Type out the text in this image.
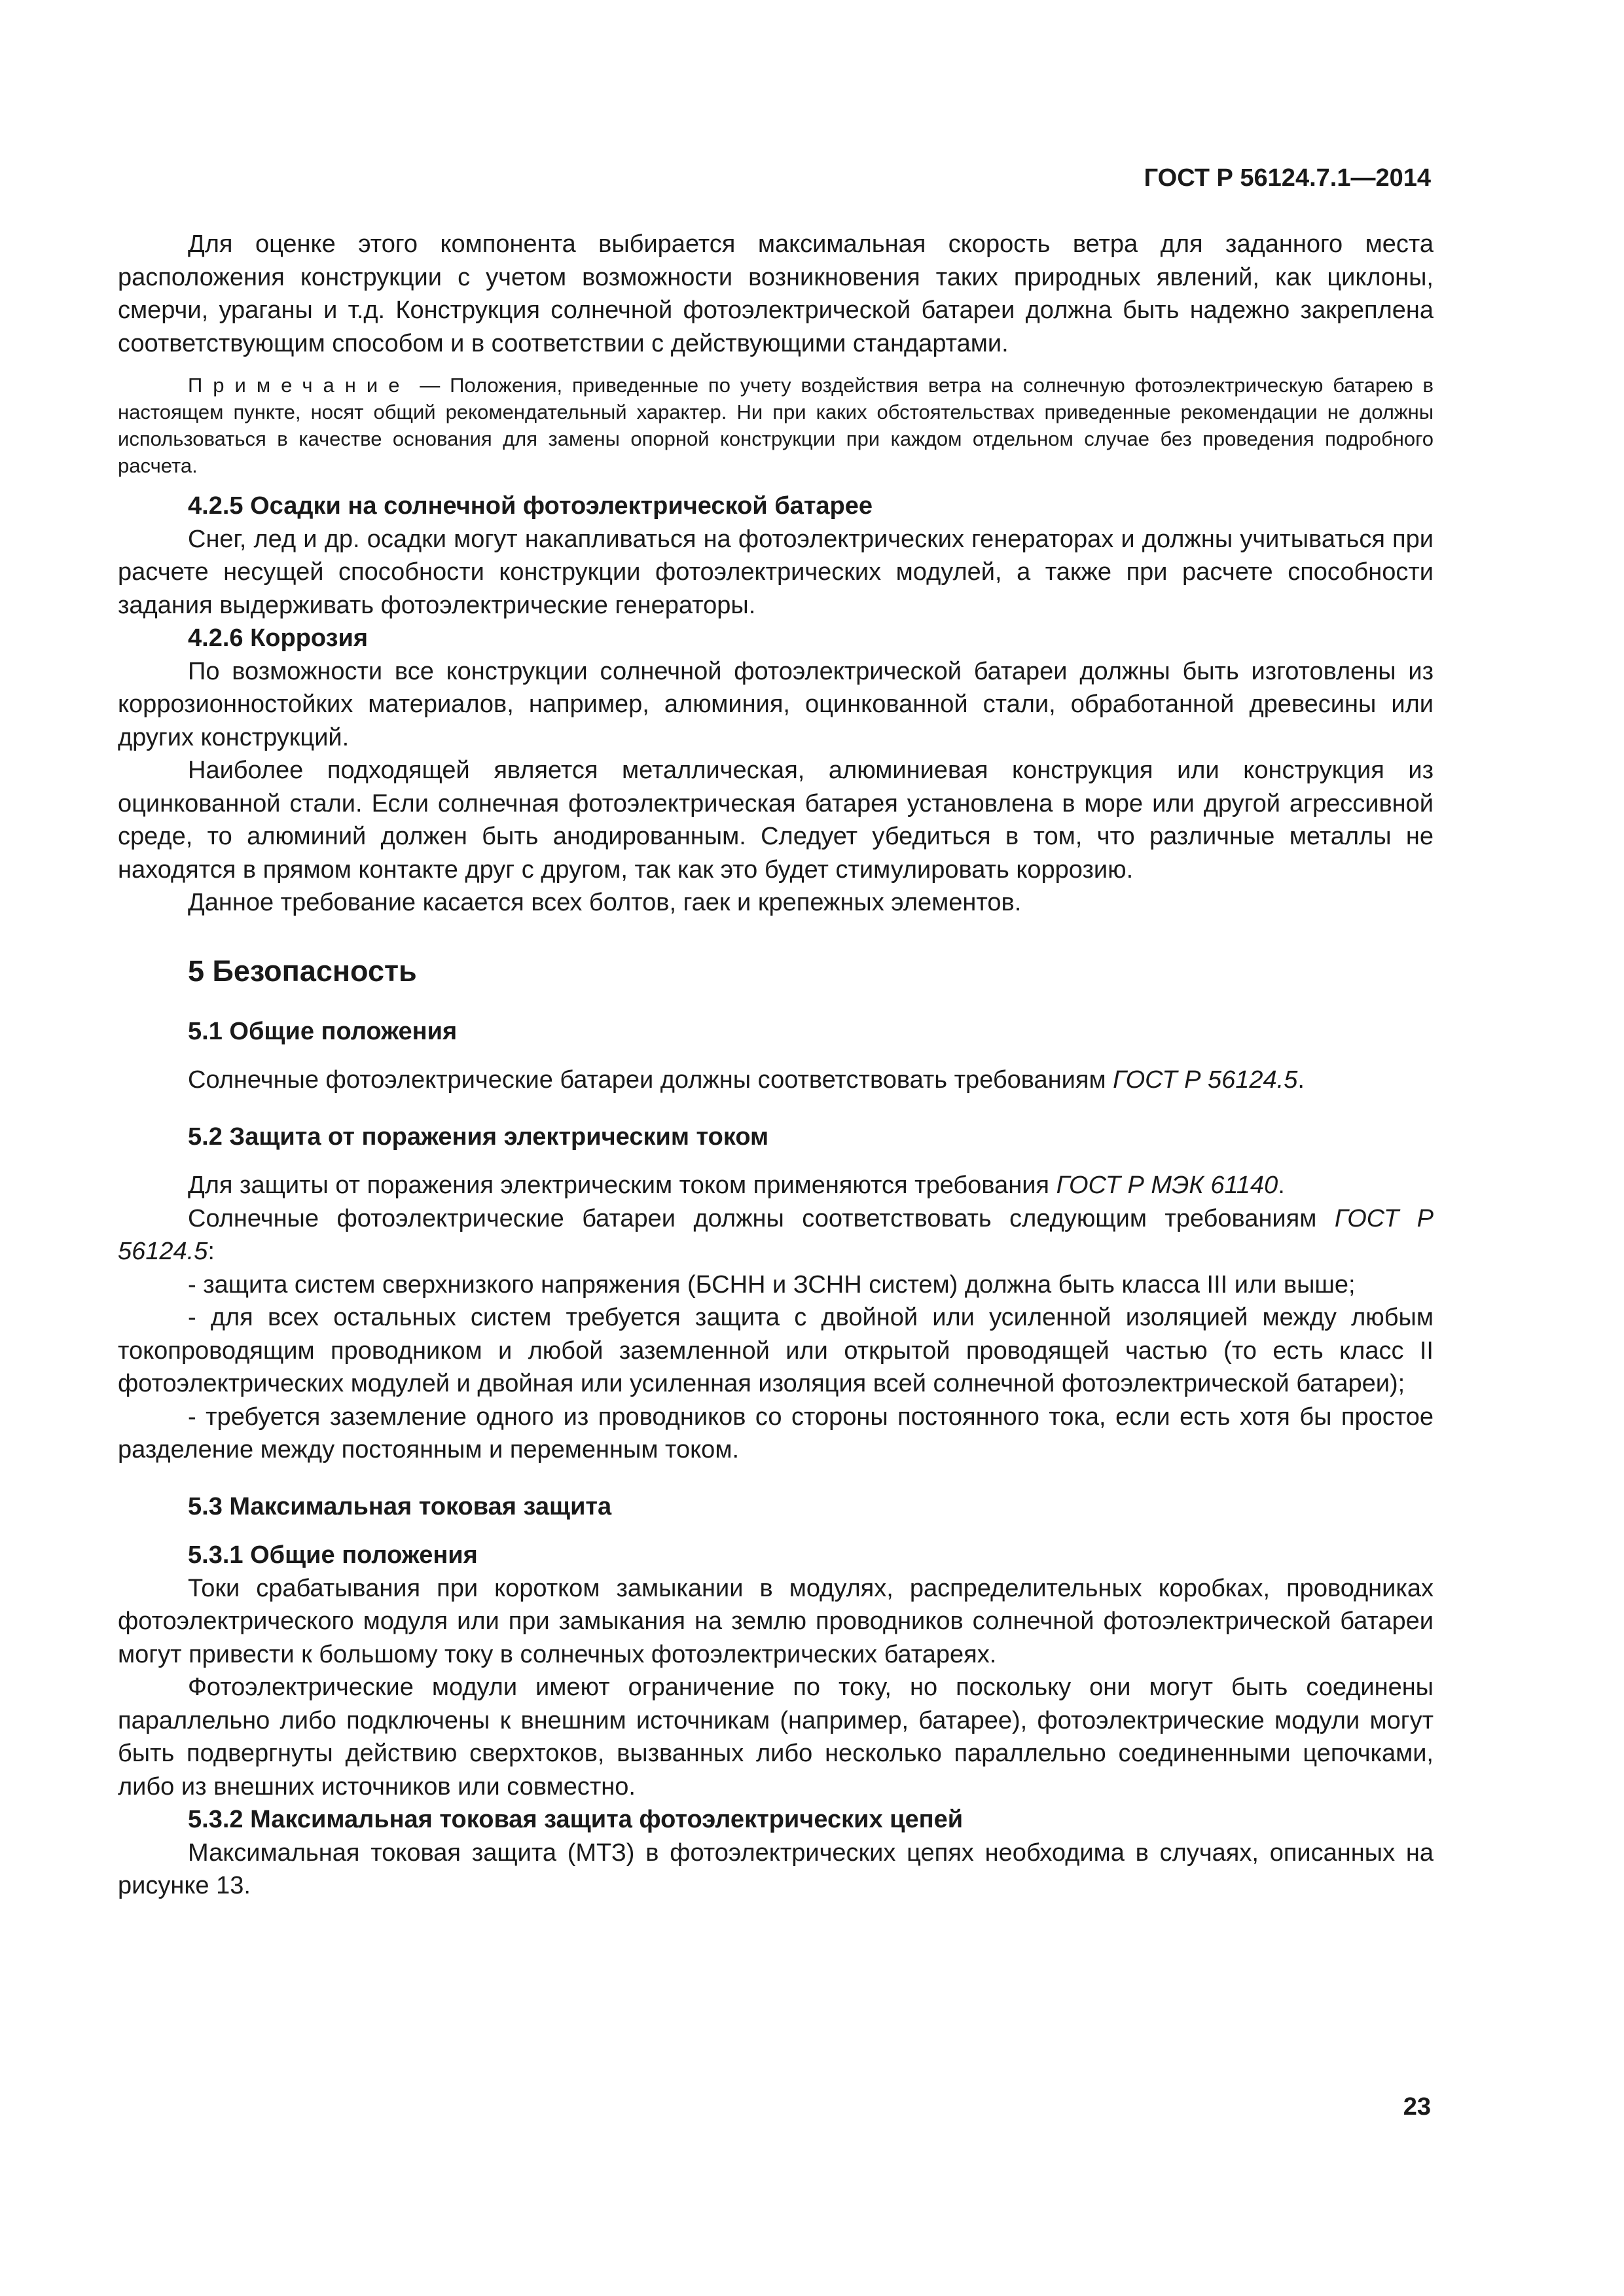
ГОСТ Р 56124.7.1—2014

Для оценке этого компонента выбирается максимальная скорость ветра для заданного места расположения конструкции с учетом возможности возникновения таких природных явлений, как циклоны, смерчи, ураганы и т.д. Конструкция солнечной фотоэлектрической батареи должна быть надежно закреплена соответствующим способом и в соответствии с действующими стандартами.

Примечание — Положения, приведенные по учету воздействия ветра на солнечную фотоэлектрическую батарею в настоящем пункте, носят общий рекомендательный характер. Ни при каких обстоятельствах приведенные рекомендации не должны использоваться в качестве основания для замены опорной конструкции при каждом отдельном случае без проведения подробного расчета.

4.2.5 Осадки на солнечной фотоэлектрической батарее

Снег, лед и др. осадки могут накапливаться на фотоэлектрических генераторах и должны учитываться при расчете несущей способности конструкции фотоэлектрических модулей, а также при расчете способности задания выдерживать фотоэлектрические генераторы.

4.2.6 Коррозия

По возможности все конструкции солнечной фотоэлектрической батареи должны быть изготовлены из коррозионностойких материалов, например, алюминия, оцинкованной стали, обработанной древесины или других конструкций.

Наиболее подходящей является металлическая, алюминиевая конструкция или конструкция из оцинкованной стали. Если солнечная фотоэлектрическая батарея установлена в море или другой агрессивной среде, то алюминий должен быть анодированным. Следует убедиться в том, что различные металлы не находятся в прямом контакте друг с другом, так как это будет стимулировать коррозию.

Данное требование касается всех болтов, гаек и крепежных элементов.

5 Безопасность
5.1 Общие положения

Солнечные фотоэлектрические батареи должны соответствовать требованиям ГОСТ Р 56124.5.

5.2 Защита от поражения электрическим током

Для защиты от поражения электрическим током применяются требования ГОСТ Р МЭК 61140.

Солнечные фотоэлектрические батареи должны соответствовать следующим требованиям ГОСТ Р 56124.5:

- защита систем сверхнизкого напряжения (БСНН и ЗСНН систем) должна быть класса III или выше;

- для всех остальных систем требуется защита с двойной или усиленной изоляцией между любым токопроводящим проводником и любой заземленной или открытой проводящей частью (то есть класс II фотоэлектрических модулей и двойная или усиленная изоляция всей солнечной фотоэлектрической батареи);

- требуется заземление одного из проводников со стороны постоянного тока, если есть хотя бы простое разделение между постоянным и переменным током.

5.3 Максимальная токовая защита
5.3.1 Общие положения

Токи срабатывания при коротком замыкании в модулях, распределительных коробках, проводниках фотоэлектрического модуля или при замыкания на землю проводников солнечной фотоэлектрической батареи могут привести к большому току в солнечных фотоэлектрических батареях.

Фотоэлектрические модули имеют ограничение по току, но поскольку они могут быть соединены параллельно либо подключены к внешним источникам (например, батарее), фотоэлектрические модули могут быть подвергнуты действию сверхтоков, вызванных либо несколько параллельно соединенными цепочками, либо из внешних источников или совместно.

5.3.2 Максимальная токовая защита фотоэлектрических цепей

Максимальная токовая защита (МТЗ) в фотоэлектрических цепях необходима в случаях, описанных на рисунке 13.

23
